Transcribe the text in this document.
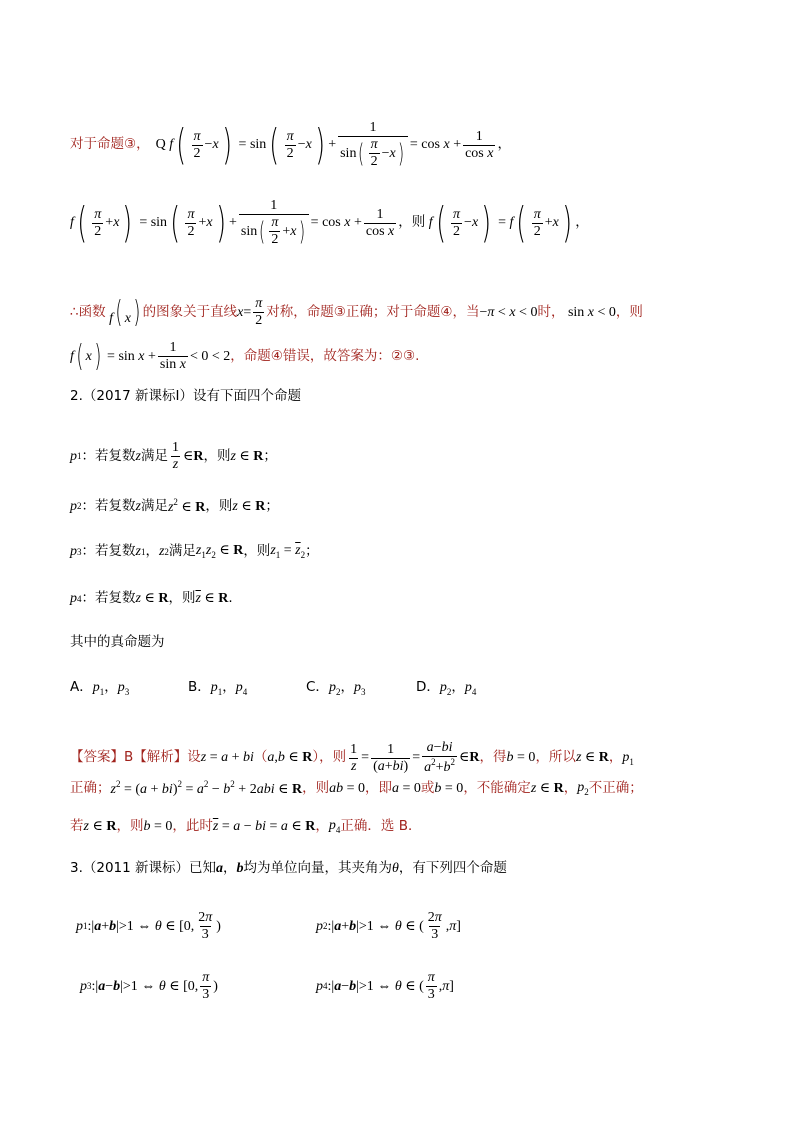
对于命题③， Q f ( $\frac{\pi}{2} - x$ ) = sin ( $\frac{\pi}{2} - x$ ) + $\frac{1}{\sin ( \frac{\pi}{2} - x )} = \cos x + \frac{1}{\text{cos x}}$ ，
f ( $\frac{\pi}{2} + x$ ) = sin ( $\frac{\pi}{2} + x$ ) + $\frac{1}{\sin ( \frac{\pi}{2} + x )} = \cos x + \frac{1}{\text{cos x}}$ ，则 f ( $\frac{\pi}{2} - x$ ) = f ( $\frac{\pi}{2} + x$ ) ，
∴ 函数 f( x) 的图象关于直线 $x = \frac{\pi}{2}$ 对称，命题③正确；对于命题④，当 −π < x < 0 时， sin x < 0 ，则
f ( x ) = $\sin x + \frac{1}{\text{sin x}} < 0 < 2$ ，命题④错误，故答案为：②③.
2.（2017 新课标Ⅰ）设有下面四个命题
p 1 ：若复数 z 满足 $\frac{1}{z}$ ∈R ，则 z ∈ R ；
p 2 ：若复数 z 满足 $z^2$ ∈ R ，则 z ∈ R ；
p 3 ：若复数 z 1 ， z 2 满足 $z_1z_2$ ∈ R ，则 $z_1 = \overline{z}_2$ ；
p 4 ：若复数 z ∈ R ，则 $\overline{z}$ ∈ R .
其中的真命题为
A．$p_1$，$p_3$	B．$p_1$，$p_4$	C．$p_2$，$p_3$	D．$p_2$，$p_4$
【答案】B【解析】 设 z = a + bi （ a,b ∈ R ），则 $\frac{1}{z} = \frac{1}{(a+bi)} = \frac{a-bi}{a^2+b^2}$ ∈ R ，得 b = 0 ，所以 z ∈ R ， $p_1$
正确； $z^2 = (a + bi)^2 = a^2 - b^2 + 2abi$ ∈ R ，则 ab = 0 ，即 a = 0 或 b = 0 ，不能确定 z ∈ R ， $p_2$ 不正确；
若 z ∈ R ，则 b = 0 ，此时 $\overline{z} = a$ − bi = a ∈ R ， $p_4$ 正确．选 B．
3.（2011 新课标）已知 a ， b 均为单位向量，其夹角为 θ ，有下列四个命题
p 1 :|a+b|>1 ⇔ θ ∈ [0, $\frac{2\pi}{3}$ )	p 2 :|a+b|>1 ⇔ θ ∈ ( $\frac{2\pi}{3} ,\pi$]
p 3 :|a−b|>1 ⇔ θ ∈ [0, $\frac{\pi}{3}$ )	p 4 :|a−b|>1 ⇔ θ ∈ ( $\frac{\pi}{3} ,\pi$]
